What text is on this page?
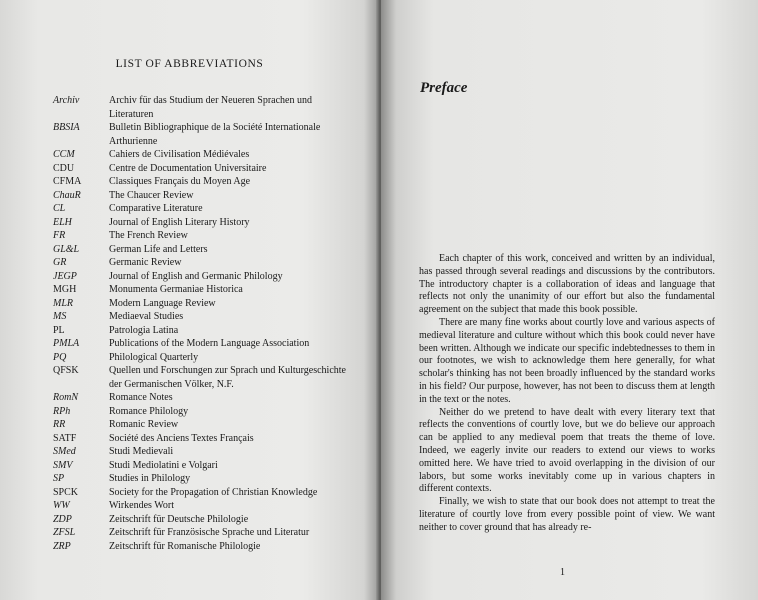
LIST OF ABBREVIATIONS
Archiv	Archiv für das Studium der Neueren Sprachen und Literaturen
BBSIA	Bulletin Bibliographique de la Société Internationale Arthurienne
CCM	Cahiers de Civilisation Médiévales
CDU	Centre de Documentation Universitaire
CFMA	Classiques Français du Moyen Age
ChauR	The Chaucer Review
CL	Comparative Literature
ELH	Journal of English Literary History
FR	The French Review
GL&L	German Life and Letters
GR	Germanic Review
JEGP	Journal of English and Germanic Philology
MGH	Monumenta Germaniae Historica
MLR	Modern Language Review
MS	Mediaeval Studies
PL	Patrologia Latina
PMLA	Publications of the Modern Language Association
PQ	Philological Quarterly
QFSK	Quellen und Forschungen zur Sprach und Kulturgeschichte der Germanischen Völker, N.F.
RomN	Romance Notes
RPh	Romance Philology
RR	Romanic Review
SATF	Société des Anciens Textes Français
SMed	Studi Medievali
SMV	Studi Mediolatini e Volgari
SP	Studies in Philology
SPCK	Society for the Propagation of Christian Knowledge
WW	Wirkendes Wort
ZDP	Zeitschrift für Deutsche Philologie
ZFSL	Zeitschrift für Französische Sprache und Literatur
ZRP	Zeitschrift für Romanische Philologie
Preface

Each chapter of this work, conceived and written by an individual, has passed through several readings and discussions by the contributors. The introductory chapter is a collaboration of ideas and language that reflects not only the unanimity of our effort but also the fundamental agreement on the subject that made this book possible.

There are many fine works about courtly love and various aspects of medieval literature and culture without which this book could never have been written. Although we indicate our specific indebtednesses to them in our footnotes, we wish to acknowledge them here generally, for what scholar's thinking has not been broadly influenced by the standard works in his field? Our purpose, however, has not been to discuss them at length in the text or the notes.

Neither do we pretend to have dealt with every literary text that reflects the conventions of courtly love, but we do believe our approach can be applied to any medieval poem that treats the theme of love. Indeed, we eagerly invite our readers to extend our views to works omitted here. We have tried to avoid overlapping in the division of our labors, but some works inevitably come up in various chapters in different contexts.

Finally, we wish to state that our book does not attempt to treat the literature of courtly love from every possible point of view. We want neither to cover ground that has already re-

1
